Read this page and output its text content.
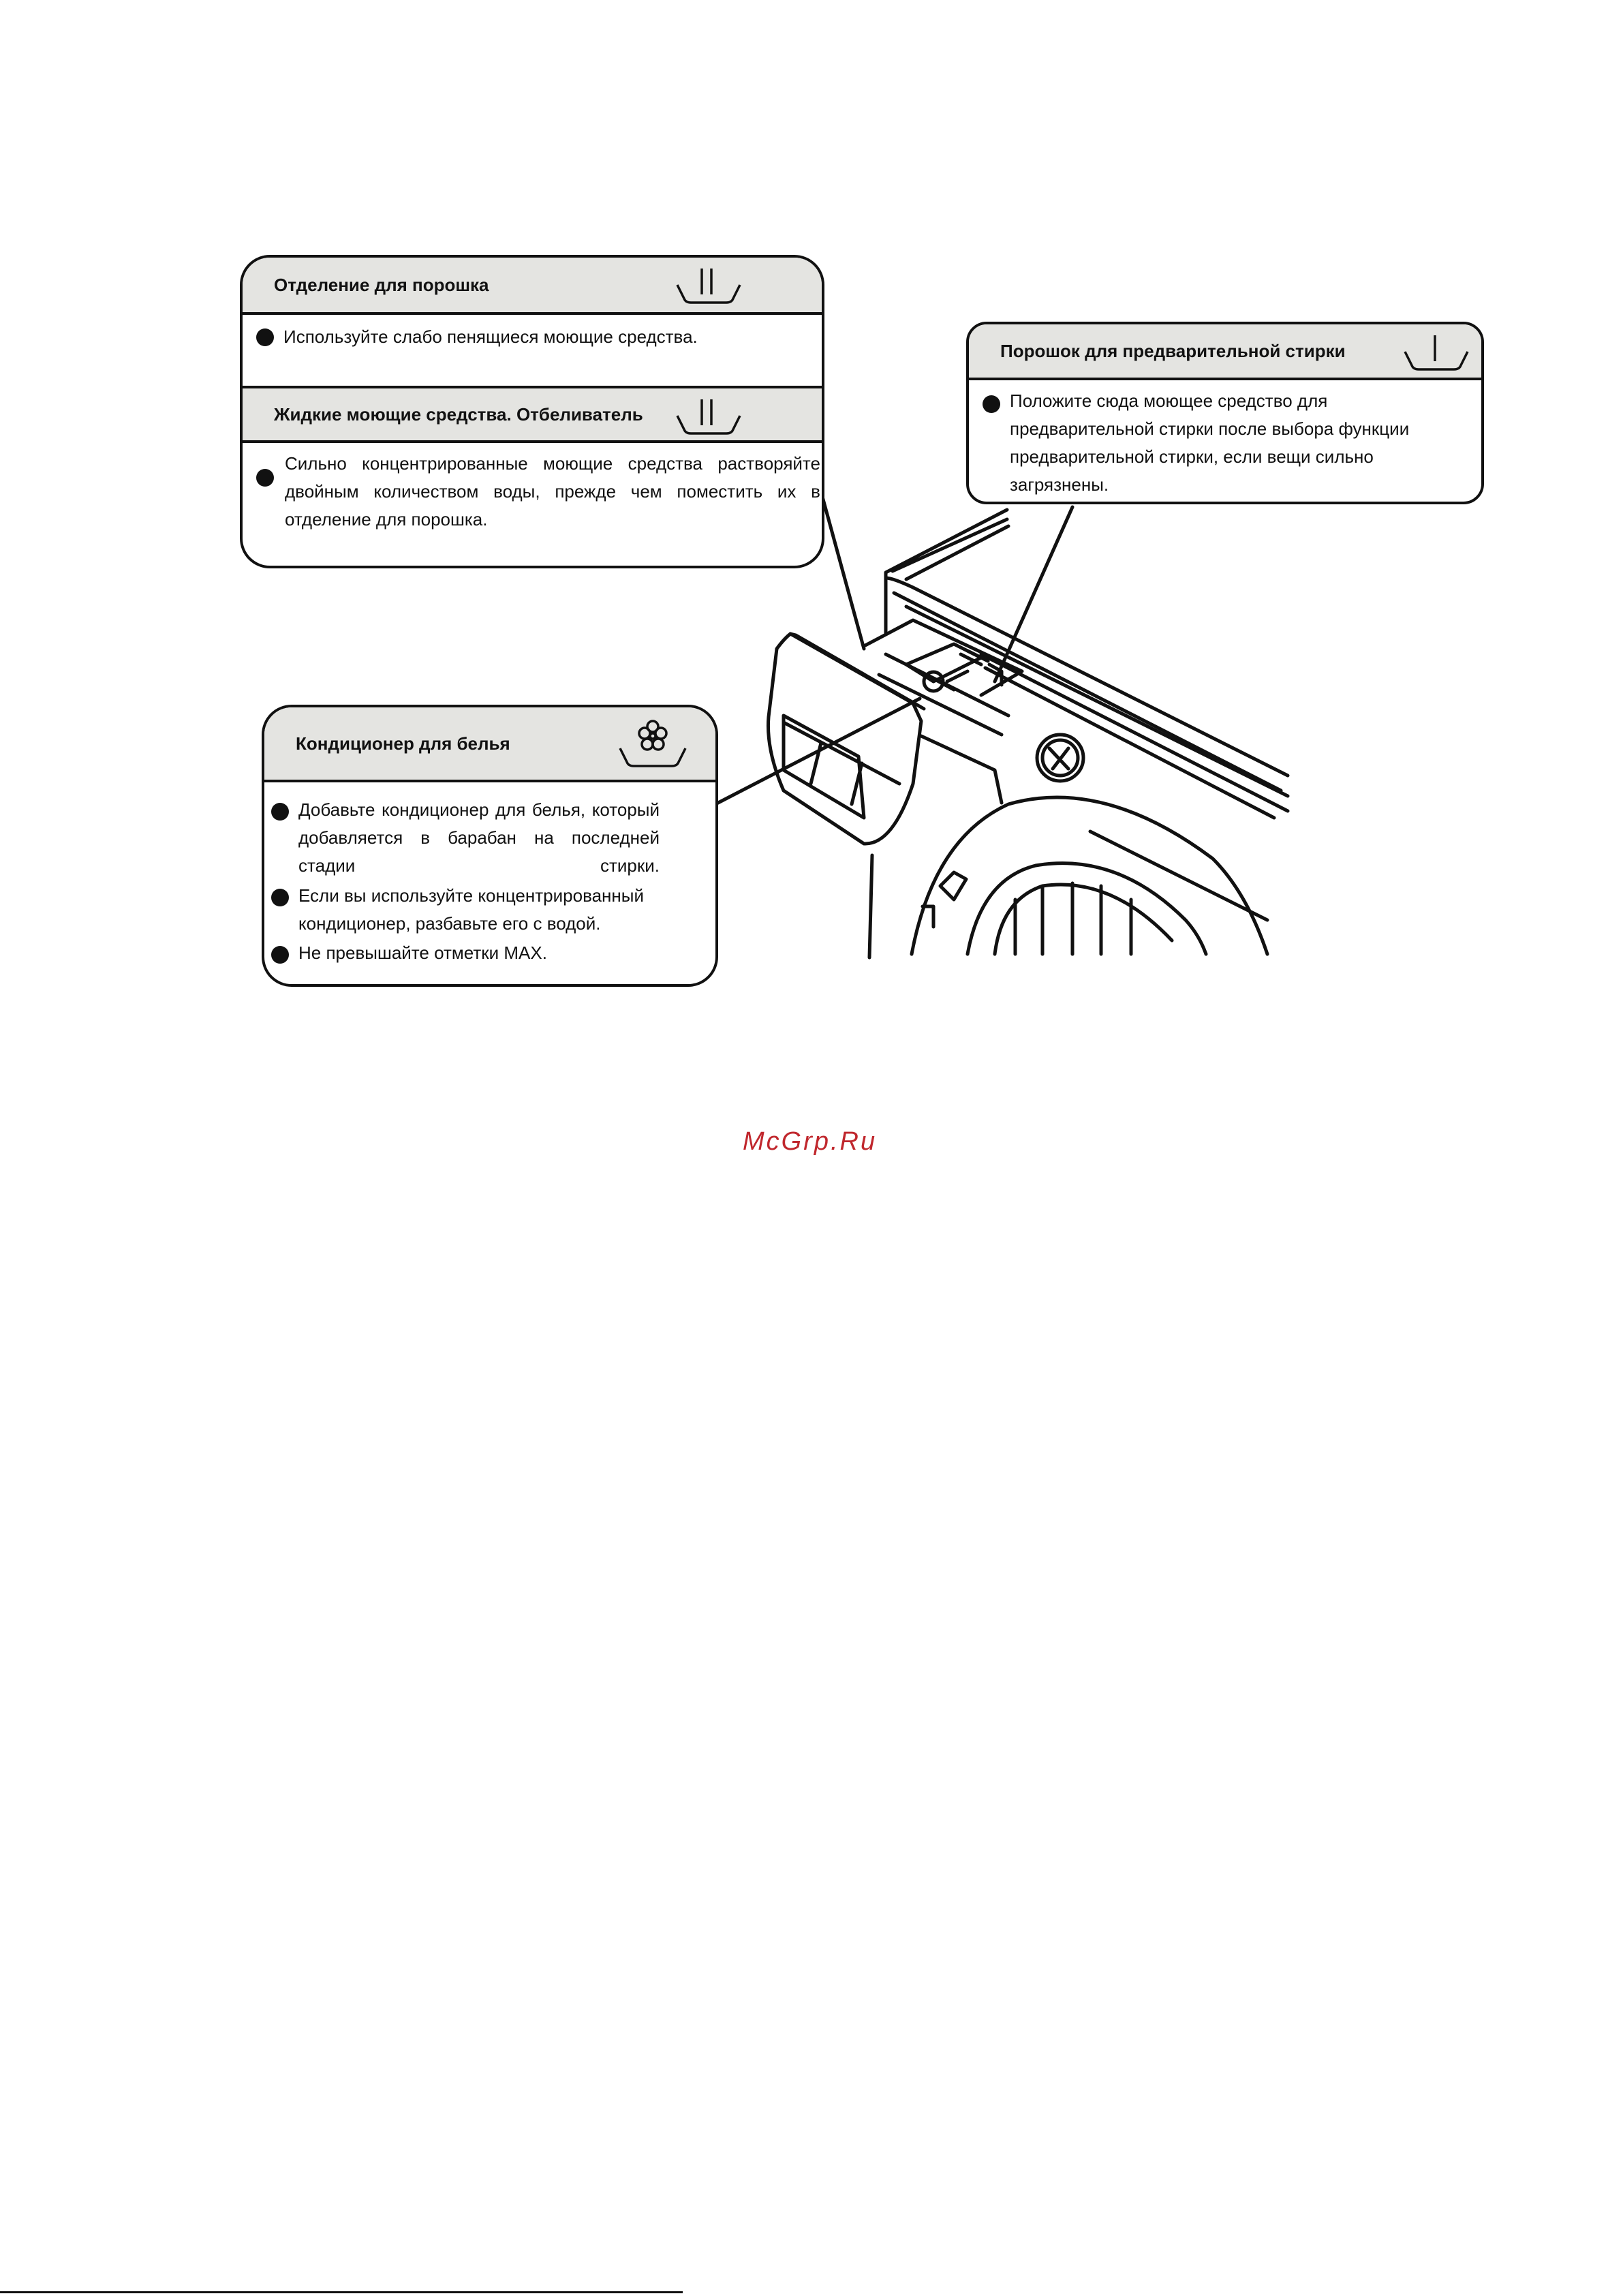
Отделение для порошка
Используйте слабо пенящиеся моющие средства.
Жидкие моющие средства. Отбеливатель
Сильно концентрированные моющие средства растворяйте двойным количеством воды, прежде чем поместить их в отделение для порошка.
Порошок для предварительной стирки
Положите сюда моющее средство для предварительной стирки после выбора функции предварительной стирки, если вещи сильно загрязнены.
Кондиционер для белья
Добавьте кондиционер для белья, который добавляется в барабан на последней стадии стирки.
Если вы используйте концентрированный кондиционер, разбавьте его с водой.
Не превышайте отметки MAX.
McGrp.Ru
